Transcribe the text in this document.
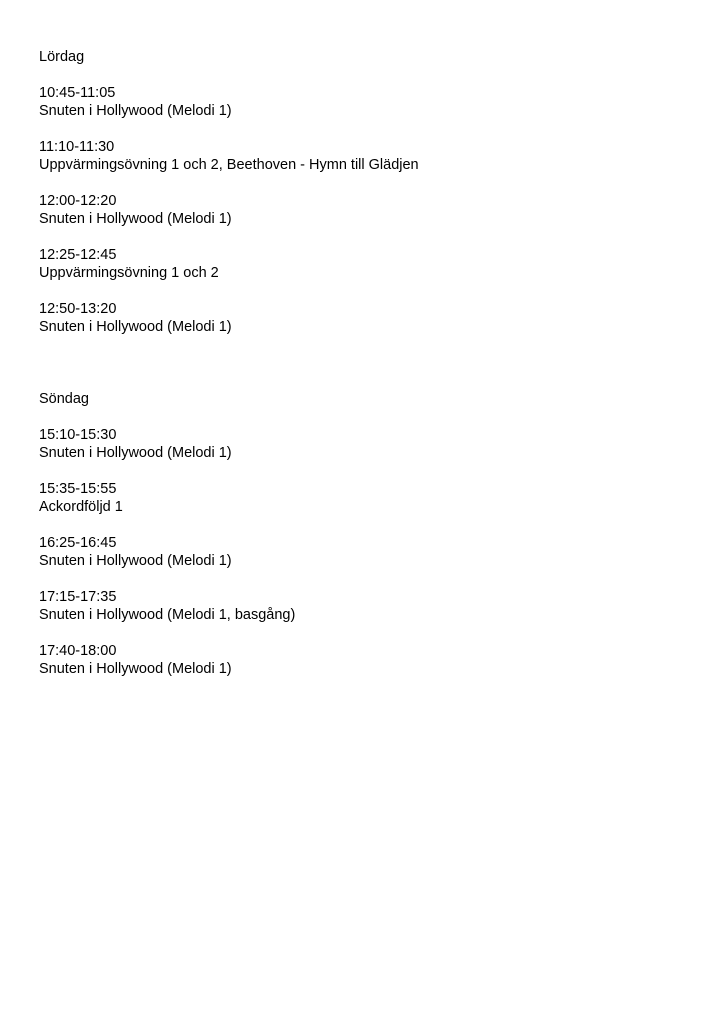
Lördag
10:45-11:05
Snuten i Hollywood (Melodi 1)
11:10-11:30
Uppvärmingsövning 1 och 2, Beethoven - Hymn till Glädjen
12:00-12:20
Snuten i Hollywood (Melodi 1)
12:25-12:45
Uppvärmingsövning 1 och 2
12:50-13:20
Snuten i Hollywood (Melodi 1)
Söndag
15:10-15:30
Snuten i Hollywood (Melodi 1)
15:35-15:55
Ackordföljd 1
16:25-16:45
Snuten i Hollywood (Melodi 1)
17:15-17:35
Snuten i Hollywood (Melodi 1, basgång)
17:40-18:00
Snuten i Hollywood (Melodi 1)
